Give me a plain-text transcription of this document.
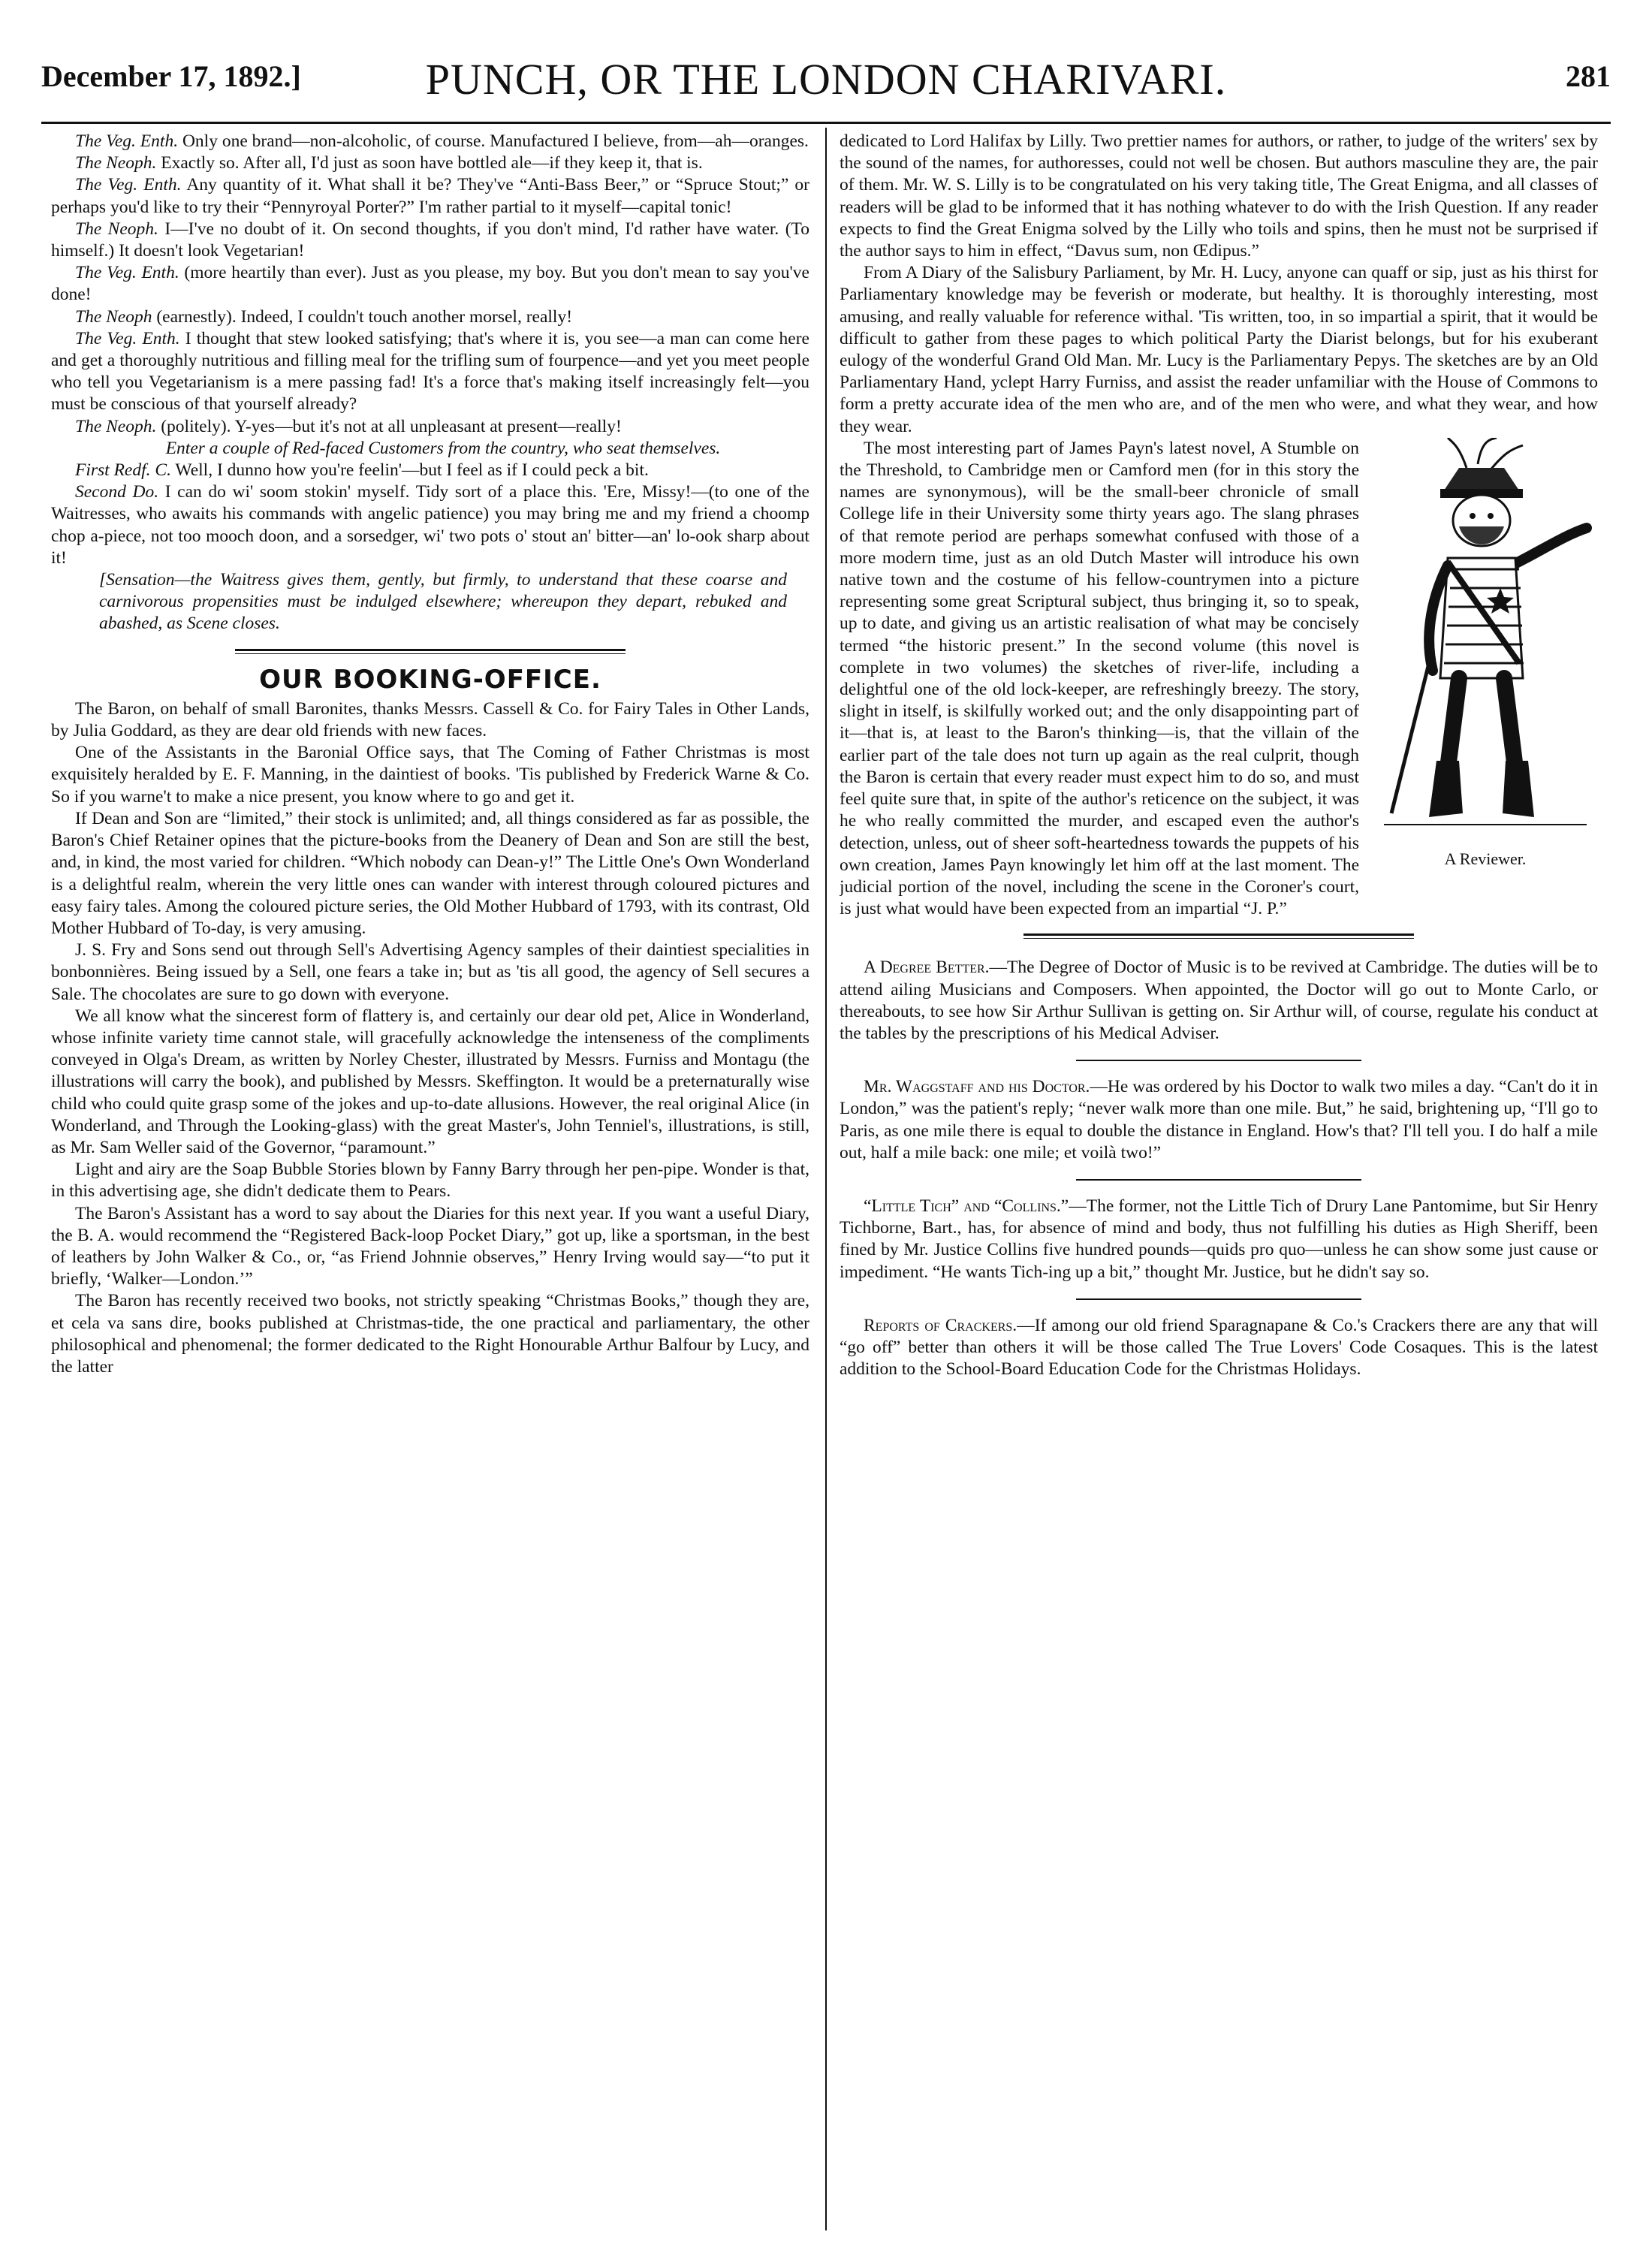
December 17, 1892.]	PUNCH, OR THE LONDON CHARIVARI.	281

The Veg. Enth. Only one brand—non-alcoholic, of course. Manufactured I believe, from—ah—oranges.

The Neoph. Exactly so. After all, I'd just as soon have bottled ale—if they keep it, that is.

The Veg. Enth. Any quantity of it. What shall it be? They've “Anti-Bass Beer,” or “Spruce Stout;” or perhaps you'd like to try their “Pennyroyal Porter?” I'm rather partial to it myself—capital tonic!

The Neoph. I—I've no doubt of it. On second thoughts, if you don't mind, I'd rather have water. (To himself.) It doesn't look Vegetarian!

The Veg. Enth. (more heartily than ever). Just as you please, my boy. But you don't mean to say you've done!

The Neoph (earnestly). Indeed, I couldn't touch another morsel, really!

The Veg. Enth. I thought that stew looked satisfying; that's where it is, you see—a man can come here and get a thoroughly nutritious and filling meal for the trifling sum of fourpence—and yet you meet people who tell you Vegetarianism is a mere passing fad! It's a force that's making itself increasingly felt—you must be conscious of that yourself already?

The Neoph. (politely). Y-yes—but it's not at all unpleasant at present—really!

Enter a couple of Red-faced Customers from the country, who seat themselves.

First Redf. C. Well, I dunno how you're feelin'—but I feel as if I could peck a bit.

Second Do. I can do wi' soom stokin' myself. Tidy sort of a place this. 'Ere, Missy!—(to one of the Waitresses, who awaits his commands with angelic patience) you may bring me and my friend a choomp chop a-piece, not too mooch doon, and a sorsedger, wi' two pots o' stout an' bitter—an' lo-ook sharp about it!

[Sensation—the Waitress gives them, gently, but firmly, to understand that these coarse and carnivorous propensities must be indulged elsewhere; whereupon they depart, rebuked and abashed, as Scene closes.

OUR BOOKING-OFFICE.

The Baron, on behalf of small Baronites, thanks Messrs. Cassell & Co. for Fairy Tales in Other Lands, by Julia Goddard, as they are dear old friends with new faces.

One of the Assistants in the Baronial Office says, that The Coming of Father Christmas is most exquisitely heralded by E. F. Manning, in the daintiest of books. 'Tis published by Frederick Warne & Co. So if you warne't to make a nice present, you know where to go and get it.

If Dean and Son are “limited,” their stock is unlimited; and, all things considered as far as possible, the Baron's Chief Retainer opines that the picture-books from the Deanery of Dean and Son are still the best, and, in kind, the most varied for children. “Which nobody can Dean-y!” The Little One's Own Wonderland is a delightful realm, wherein the very little ones can wander with interest through coloured pictures and easy fairy tales. Among the coloured picture series, the Old Mother Hubbard of 1793, with its contrast, Old Mother Hubbard of To-day, is very amusing.

J. S. Fry and Sons send out through Sell's Advertising Agency samples of their daintiest specialities in bonbonnières. Being issued by a Sell, one fears a take in; but as 'tis all good, the agency of Sell secures a Sale. The chocolates are sure to go down with everyone.

We all know what the sincerest form of flattery is, and certainly our dear old pet, Alice in Wonderland, whose infinite variety time cannot stale, will gracefully acknowledge the intenseness of the compliments conveyed in Olga's Dream, as written by Norley Chester, illustrated by Messrs. Furniss and Montagu (the illustrations will carry the book), and published by Messrs. Skeffington. It would be a preternaturally wise child who could quite grasp some of the jokes and up-to-date allusions. However, the real original Alice (in Wonderland, and Through the Looking-glass) with the great Master's, John Tenniel's, illustrations, is still, as Mr. Sam Weller said of the Governor, “paramount.”

Light and airy are the Soap Bubble Stories blown by Fanny Barry through her pen-pipe. Wonder is that, in this advertising age, she didn't dedicate them to Pears.

The Baron's Assistant has a word to say about the Diaries for this next year. If you want a useful Diary, the B. A. would recommend the “Registered Back-loop Pocket Diary,” got up, like a sportsman, in the best of leathers by John Walker & Co., or, “as Friend Johnnie observes,” Henry Irving would say—“to put it briefly, ‘Walker—London.’”

The Baron has recently received two books, not strictly speaking “Christmas Books,” though they are, et cela va sans dire, books published at Christmas-tide, the one practical and parliamentary, the other philosophical and phenomenal; the former dedicated to the Right Honourable Arthur Balfour by Lucy, and the latter

dedicated to Lord Halifax by Lilly. Two prettier names for authors, or rather, to judge of the writers' sex by the sound of the names, for authoresses, could not well be chosen. But authors masculine they are, the pair of them. Mr. W. S. Lilly is to be congratulated on his very taking title, The Great Enigma, and all classes of readers will be glad to be informed that it has nothing whatever to do with the Irish Question. If any reader expects to find the Great Enigma solved by the Lilly who toils and spins, then he must not be surprised if the author says to him in effect, “Davus sum, non Œdipus.”

From A Diary of the Salisbury Parliament, by Mr. H. Lucy, anyone can quaff or sip, just as his thirst for Parliamentary knowledge may be feverish or moderate, but healthy. It is thoroughly interesting, most amusing, and really valuable for reference withal. 'Tis written, too, in so impartial a spirit, that it would be difficult to gather from these pages to which political Party the Diarist belongs, but for his exuberant eulogy of the wonderful Grand Old Man. Mr. Lucy is the Parliamentary Pepys. The sketches are by an Old Parliamentary Hand, yclept Harry Furniss, and assist the reader unfamiliar with the House of Commons to form a pretty accurate idea of the men who are, and of the men who were, and what they wear, and how they wear.

A Reviewer.

The most interesting part of James Payn's latest novel, A Stumble on the Threshold, to Cambridge men or Camford men (for in this story the names are synonymous), will be the small-beer chronicle of small College life in their University some thirty years ago. The slang phrases of that remote period are perhaps somewhat confused with those of a more modern time, just as an old Dutch Master will introduce his own native town and the costume of his fellow-countrymen into a picture representing some great Scriptural subject, thus bringing it, so to speak, up to date, and giving us an artistic realisation of what may be concisely termed “the historic present.” In the second volume (this novel is complete in two volumes) the sketches of river-life, including a delightful one of the old lock-keeper, are refreshingly breezy. The story, slight in itself, is skilfully worked out; and the only disappointing part of it—that is, at least to the Baron's thinking—is, that the villain of the earlier part of the tale does not turn up again as the real culprit, though the Baron is certain that every reader must expect him to do so, and must feel quite sure that, in spite of the author's reticence on the subject, it was he who really committed the murder, and escaped even the author's detection, unless, out of sheer soft-heartedness towards the puppets of his own creation, James Payn knowingly let him off at the last moment. The judicial portion of the novel, including the scene in the Coroner's court, is just what would have been expected from an impartial “J. P.”

A Degree Better.—The Degree of Doctor of Music is to be revived at Cambridge. The duties will be to attend ailing Musicians and Composers. When appointed, the Doctor will go out to Monte Carlo, or thereabouts, to see how Sir Arthur Sullivan is getting on. Sir Arthur will, of course, regulate his conduct at the tables by the prescriptions of his Medical Adviser.

Mr. Waggstaff and his Doctor.—He was ordered by his Doctor to walk two miles a day. “Can't do it in London,” was the patient's reply; “never walk more than one mile. But,” he said, brightening up, “I'll go to Paris, as one mile there is equal to double the distance in England. How's that? I'll tell you. I do half a mile out, half a mile back: one mile; et voilà two!”

“Little Tich” and “Collins.”—The former, not the Little Tich of Drury Lane Pantomime, but Sir Henry Tichborne, Bart., has, for absence of mind and body, thus not fulfilling his duties as High Sheriff, been fined by Mr. Justice Collins five hundred pounds—quids pro quo—unless he can show some just cause or impediment. “He wants Tich-ing up a bit,” thought Mr. Justice, but he didn't say so.

Reports of Crackers.—If among our old friend Sparagnapane & Co.'s Crackers there are any that will “go off” better than others it will be those called The True Lovers' Code Cosaques. This is the latest addition to the School-Board Education Code for the Christmas Holidays.
